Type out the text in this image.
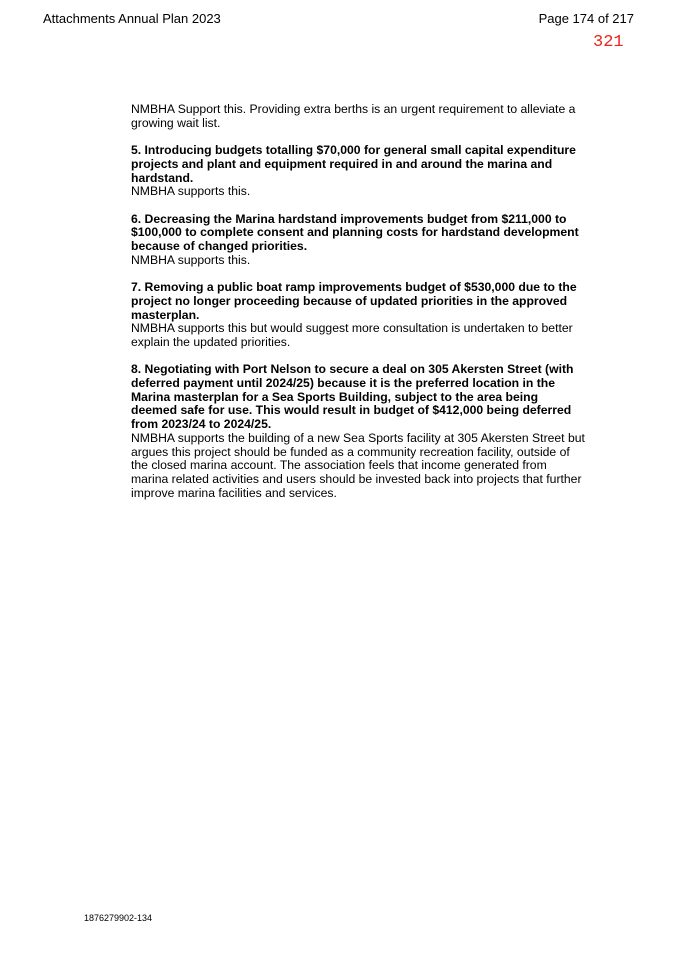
Attachments Annual Plan 2023	Page 174 of 217
321

NMBHA Support this. Providing extra berths is an urgent requirement to alleviate a growing wait list.

5. Introducing budgets totalling $70,000 for general small capital expenditure projects and plant and equipment required in and around the marina and hardstand.

NMBHA supports this.

6. Decreasing the Marina hardstand improvements budget from $211,000 to $100,000 to complete consent and planning costs for hardstand development because of changed priorities.

NMBHA supports this.

7. Removing a public boat ramp improvements budget of $530,000 due to the project no longer proceeding because of updated priorities in the approved masterplan.

NMBHA supports this but would suggest more consultation is undertaken to better explain the updated priorities.

8. Negotiating with Port Nelson to secure a deal on 305 Akersten Street (with deferred payment until 2024/25) because it is the preferred location in the Marina masterplan for a Sea Sports Building, subject to the area being deemed safe for use. This would result in budget of $412,000 being deferred from 2023/24 to 2024/25.

NMBHA supports the building of a new Sea Sports facility at 305 Akersten Street but argues this project should be funded as a community recreation facility, outside of the closed marina account. The association feels that income generated from marina related activities and users should be invested back into projects that further improve marina facilities and services.

1876279902-134
